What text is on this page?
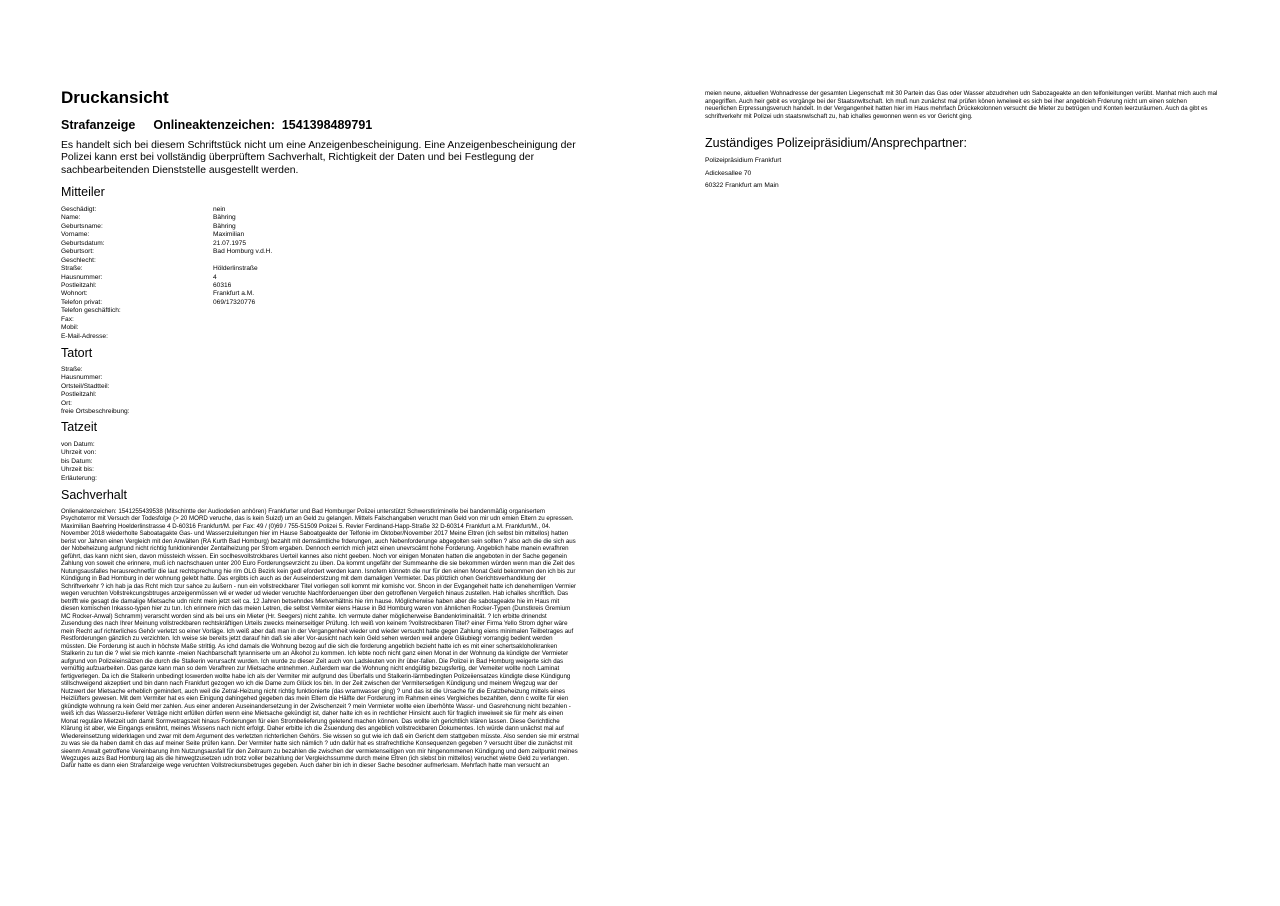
Druckansicht
Strafanzeige Onlineaktenzeichen: 1541398489791

Es handelt sich bei diesem Schriftstück nicht um eine Anzeigenbescheinigung. Eine Anzeigenbescheinigung der Polizei kann erst bei vollständig überprüftem Sachverhalt, Richtigkeit der Daten und bei Festlegung der sachbearbeitenden Dienststelle ausgestellt werden.

Mitteiler
Geschädigt:	nein
Name:	Bähring
Geburtsname:	Bähring
Vorname:	Maximilian
Geburtsdatum:	21.07.1975
Geburtsort:	Bad Homburg v.d.H.
Geschlecht:
Straße:	Hölderlinstraße
Hausnummer:	4
Postleitzahl:	60316
Wohnort:	Frankfurt a.M.
Telefon privat:	069/17320776
Telefon geschäftlich:
Fax:
Mobil:
E-Mail-Adresse:
Tatort
Straße:
Hausnummer:
Ortsteil/Stadtteil:
Postleitzahl:
Ort:
freie Ortsbeschreibung:
Tatzeit
von Datum:
Uhrzeit von:
bis Datum:
Uhrzeit bis:
Erläuterung:
Sachverhalt

Onlienaktenzeichen: 1541255439538 (Mitschintte der Audiodetien anhören) Frankfurter und Bad Homburger Polizei unterstützt Schwerstkriminelle bei bandenmäßig organisertem Psychoterror mit Versuch der Todesfolge (> 20 MORD veruche, das is kein Suizd) um an Geld zu gelangen. Mittels Falschangaben verucht man Geld von mir udn emien Eltern zu epressen. Maximilian Baehring Hoelderlinstrasse 4 D-60316 Frankfurt/M. per Fax: 49 / (0)69 / 755-51509 Polizei 5. Revier Ferdinand-Happ-Straße 32 D-60314 Frankfurt a.M. Frankfurt/M., 04. November 2018 wiederholte Saboatagakte Gas- und Wasserzuleitungen hier im Hause Saboatgeakte der Telfonie im Oktober/November 2017 Meine Eltren (ich selbst bin mittellos) hatten berist vor Jahren einen Vergleich mit den Anwälten (RA Kurth Bad Homburg) bezahlt mit demsämtliche frderungen, auch Nebenforderunge abgegolten sein sollten ? also ach die die sich aus der Nobeheizung aufgrund nicht richtig funktionirender Zentalheizung per Strom ergaben. Dennoch eerrich mich jetzt einen unevrscämt hohe Forderung. Angeblich habe manein evrafhren geführt, das kann nicht sien, davon müssteich wissen. Ein soclhesvollstrckbares Uerteil kannes also nicht geeben. Noch vor einigen Monaten hatten die angeboten in der Sache gegenein Zahlung von soweit che erinnere, muß ich nachschauen unter 200 Euro Forderungsevrzicht zu üben. Da kommt ungefähr der Summeanhe die sie bekommen würden wenn man die Zeit des Nutungsausfalles herausrechnetfür die laut rechtsprechung hie rim OLG Bezirk kein gedl efordert werden kann. Isnofern könnetn die nur für den einen Monat Geld bekommen den ich bis zur Kündigung in Bad Homburg in der wohnung gelebt hatte. Das ergibts ich auch as der Auseinderstzung mit dem damaligen Vermieter. Das plötzlich ohen Gerichtsverhandklung der Schriftverkehr ? ich hab ja das Rcht mich tzur sahce zu äußern - nun ein vollstreckbarer Titel vorliegen soll kommt mir komishc vor. Shcon in der Evgangeheit hatte ich denehemligen Vermier wegen veruchten Vollstrekcungsbtruges anzeigenmüssen wil er weder ud wieder veruchte Nachforderuengen über den getroffenen Vergelich hinaus zustellen. Hab ichalles shcriftlich. Das betrifft wie gesagt die damalige Mietsache udn nicht mein jetzt seit ca. 12 Jahren betsehndes Mietverhältnis hie rim hause. Möglicherwise haben aber die sabotageakte hie im Haus mit diesen komischen Inkasso-typen hier zu tun. Ich erinnere mich das meien Letren, die selbst Vermiter eiens Hause in Bd Homburg waren von ähnlichen Rocker-Typen (Dunstkreis Gremium MC Rocker-Anwal) Schramm) verarscht worden sind als bei uns ein Mieter (Hr. Seegers) nicht zahlte. Ich vermute daher möglicherweise Bandenkriminalität. ? Ich erbitte drinendst Zusendung des nach Ihrer Meinung vollstreckbaren rechtskräftigen Urteils zwecks meinerseitiger Prüfung. Ich weiß von keinem ?vollstreckbaren Titel? einer Firma Yello Strom dgher wäre mein Recht auf richterliches Gehör verletzt so einer Vorläge. Ich weiß aber daß man in der Vergangenheit wieder und wieder versucht hatte gegen Zahlung eiens minimalen Teilbetrages auf Restforderungen gänzlich zu verzichten. Ich weise sie bereits jetzt darauf hin daß sie aller Vor-ausicht nach kein Geld sehen werden weil andere Gläubiegr vorrangig bedient werden müssten. Die Forderung ist auch in höchste Maße strittig. As ichd damals die Wohnung bezog auf die sich die forderung angeblich bezieht hatte ich es mit einer schertsakloholkranken Stalkerin zu tun die ? wiel sie mich kannte -meien Nachbarschaft tyranniserte um an Alkohol zu kommen. Ich lebte noch nicht ganz einen Monat in der Wohnung da kündigte der Vermieter aufgrund von Polizeieinsätzen die durch die Stalkerin verursacht wurden. Ich wurde zu dieser Zeit auch von Ladsleuten von ihr über-fallen. Die Polizei in Bad Homburg weigerte sich das vernüftig aufzuarbeiten. Das ganze kann man so dem Verafhren zur Mietsache entnehmen. Außerdem war die Wohnung nicht endgültig bezugsfertig, der Vemeiter wollte noch Laminat fertigverlegen. Da ich die Stalkerin unbedingt loswerden wollte habe ich als der Vermiter mir aufgrund des Überfalls und Stalkerin-lärmbedingten Polizeiiensatzes kündigte diese Kündigung stillschweigend akzeptiert und bin dann nach Frankfurt gezogen wo ich die Dame zum Glück los bin. In der Zeit zwischen der Vermitersetigen Kündigung und meinem Wegzug war der Nutzwert der Mietsache erheblich gemindert, auch weil die Zetral-Heizung nicht richtig funktionierte (das wramwasser ging) ? und das ist die Ursache für die Eratzbeheizung mittels eines Heizlüfters gewesen. Mit dem Vermiter hat es eien Einigung dahingehed gegeben das mein Eltern die Hälfte der Forderung im Rahmen eines Vergleiches bezahlten, denn c wollte für eien gkündigte wohnung ra kein Geld mer zahlen. Aus einer anderen Auseinandersetzung in der Zwischenzeit ? mein Vermieter wollte eien überhöhte Wassr- und Gasrehcnung nicht bezahlen - weiß ich das Wasserzu-lieferer Veträge nicht erfüllen dürfen wenn eine Mietsache gekündigt ist, daher halte ich es in rechtlicher Hinsicht auch für fraglich inweiweit sie für mehr als einen Monat reguläre Mietzeit udn damit Sormvetragszeit hinaus Forderungen für eien Strombelieferung geletend machen können. Das wollte ich gerichtlich klären lassen. Diese Gerichtliche Klärung ist aber, wie Eingangs erwähnt, meines Wissens nach nicht erfolgt. Daher erbitte ich die Zsuendung des angeblich vollstreckbaren Dokumentes. Ich würde dann unächst mal auf Wiedereinsetzung widerklagen und zwar mit dem Argument des verletzten richterlichen Gehörs. Sie wissen so gut wie ich daß ein Gericht dem stattgeben müsste. Also senden sie mir erstmal zu was sie da haben damit ch das auf meiner Seite prüfen kann. Der Vermiter hatte sich nämlich ? udn dafür hat es strafrechtliche Konsequenzen gegeben ? versucht über die zunächst mit sieenm Anwalt getroffene Vereinbarung ihm Nutzungsausfall für den Zeitraum zu bezahlen die zwischen der vermietenseitigen von mir hingenommenen Kündigung und dem zeitpunkt meines Wegzuges auzs Bad Homburg lag als die hinwegtzusetzen udn trotz voller bezahlung der Vergleichssumme durch meine Eltren (ich slebst bin mittellos) veruchet wietre Geld zu verlangen. Dafür hatte es dann eien Strafanzeige wege veruchten Vollstreckunsbetruges gegeben. Auch daher bin ich in dieser Sache besodner aufmerksam. Mehrfach hatte man versucht an

meien neune, aktuellen Wohnadresse der gesamten Liegenschaft mit 30 Partein das Gas oder Wasser abzudrehen udn Sabozageakte an den telfonleitungen verübt. Manhat mich auch mal angegriffen. Auch heir gebit es vorgänge bei der Staatsnwltschaft. Ich muß nun zunächst mal prüfen könen iwneiweit es sich bei iher angeblcieh Frderung nicht um einen solchen neuerlichen Erpressungsveruch handelt. In der Vergangenheit hatten hier im Haus mehrfach Drückekolonnen versucht die Mieter zu betrügen und Konten leerzuräumen. Auch da gibt es schriftverkehr mit Polizei udn staatsnwlschaft zu, hab ichalles gewonnen wenn es vor Gericht ging.

Zuständiges Polizeipräsidium/Ansprechpartner:
Polizeipräsidium Frankfurt
Adickesallee 70
60322 Frankfurt am Main
